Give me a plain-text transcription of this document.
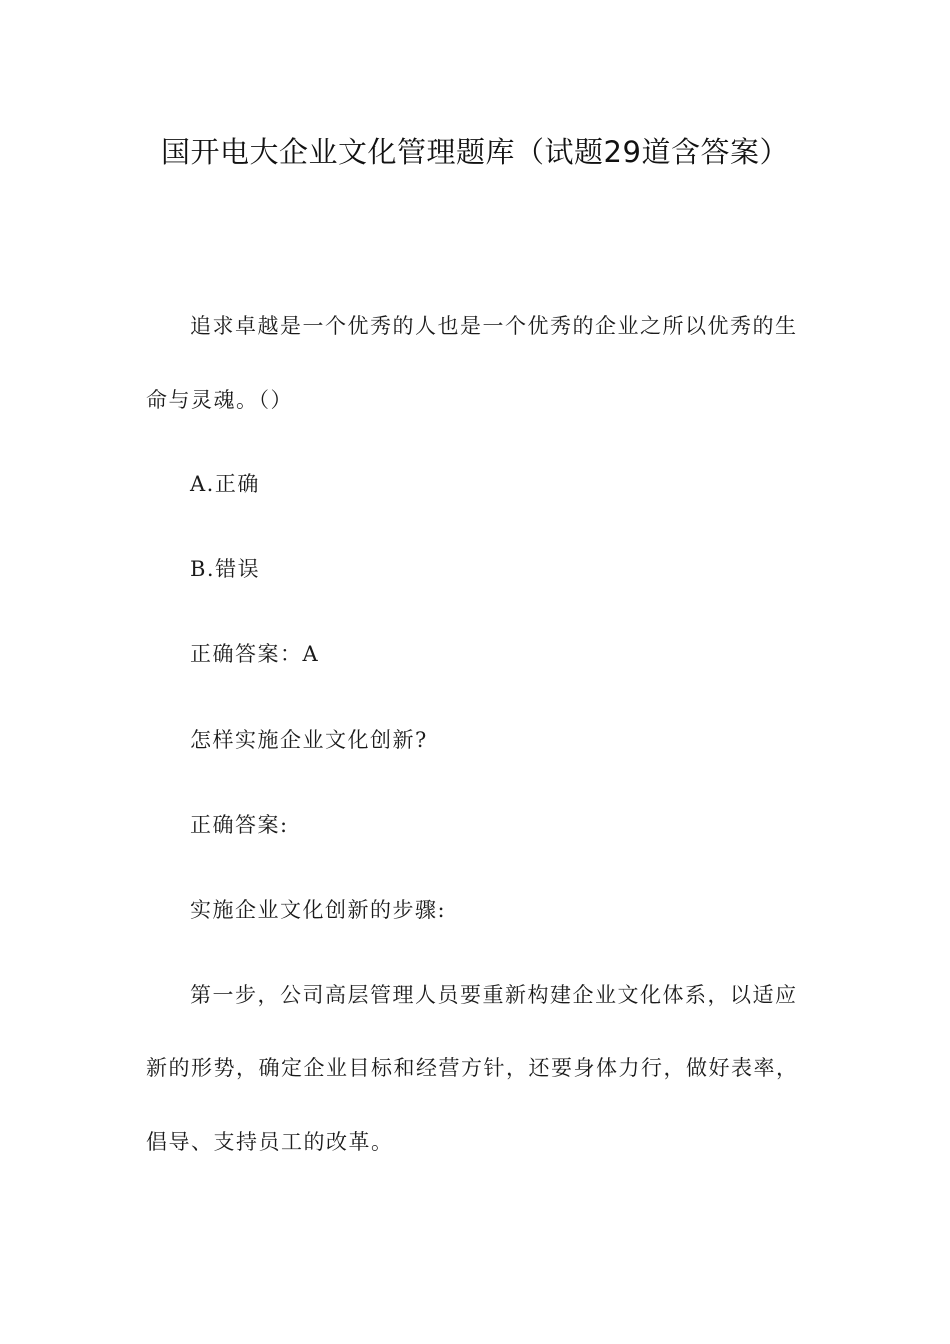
国开电大企业文化管理题库（试题29道含答案）

追求卓越是一个优秀的人也是一个优秀的企业之所以优秀的生

命与灵魂。（）

A.正确

B.错误

正确答案：A

怎样实施企业文化创新?

正确答案:

实施企业文化创新的步骤:

第一步，公司高层管理人员要重新构建企业文化体系，以适应

新的形势，确定企业目标和经营方针，还要身体力行，做好表率，

倡导、支持员工的改革。
